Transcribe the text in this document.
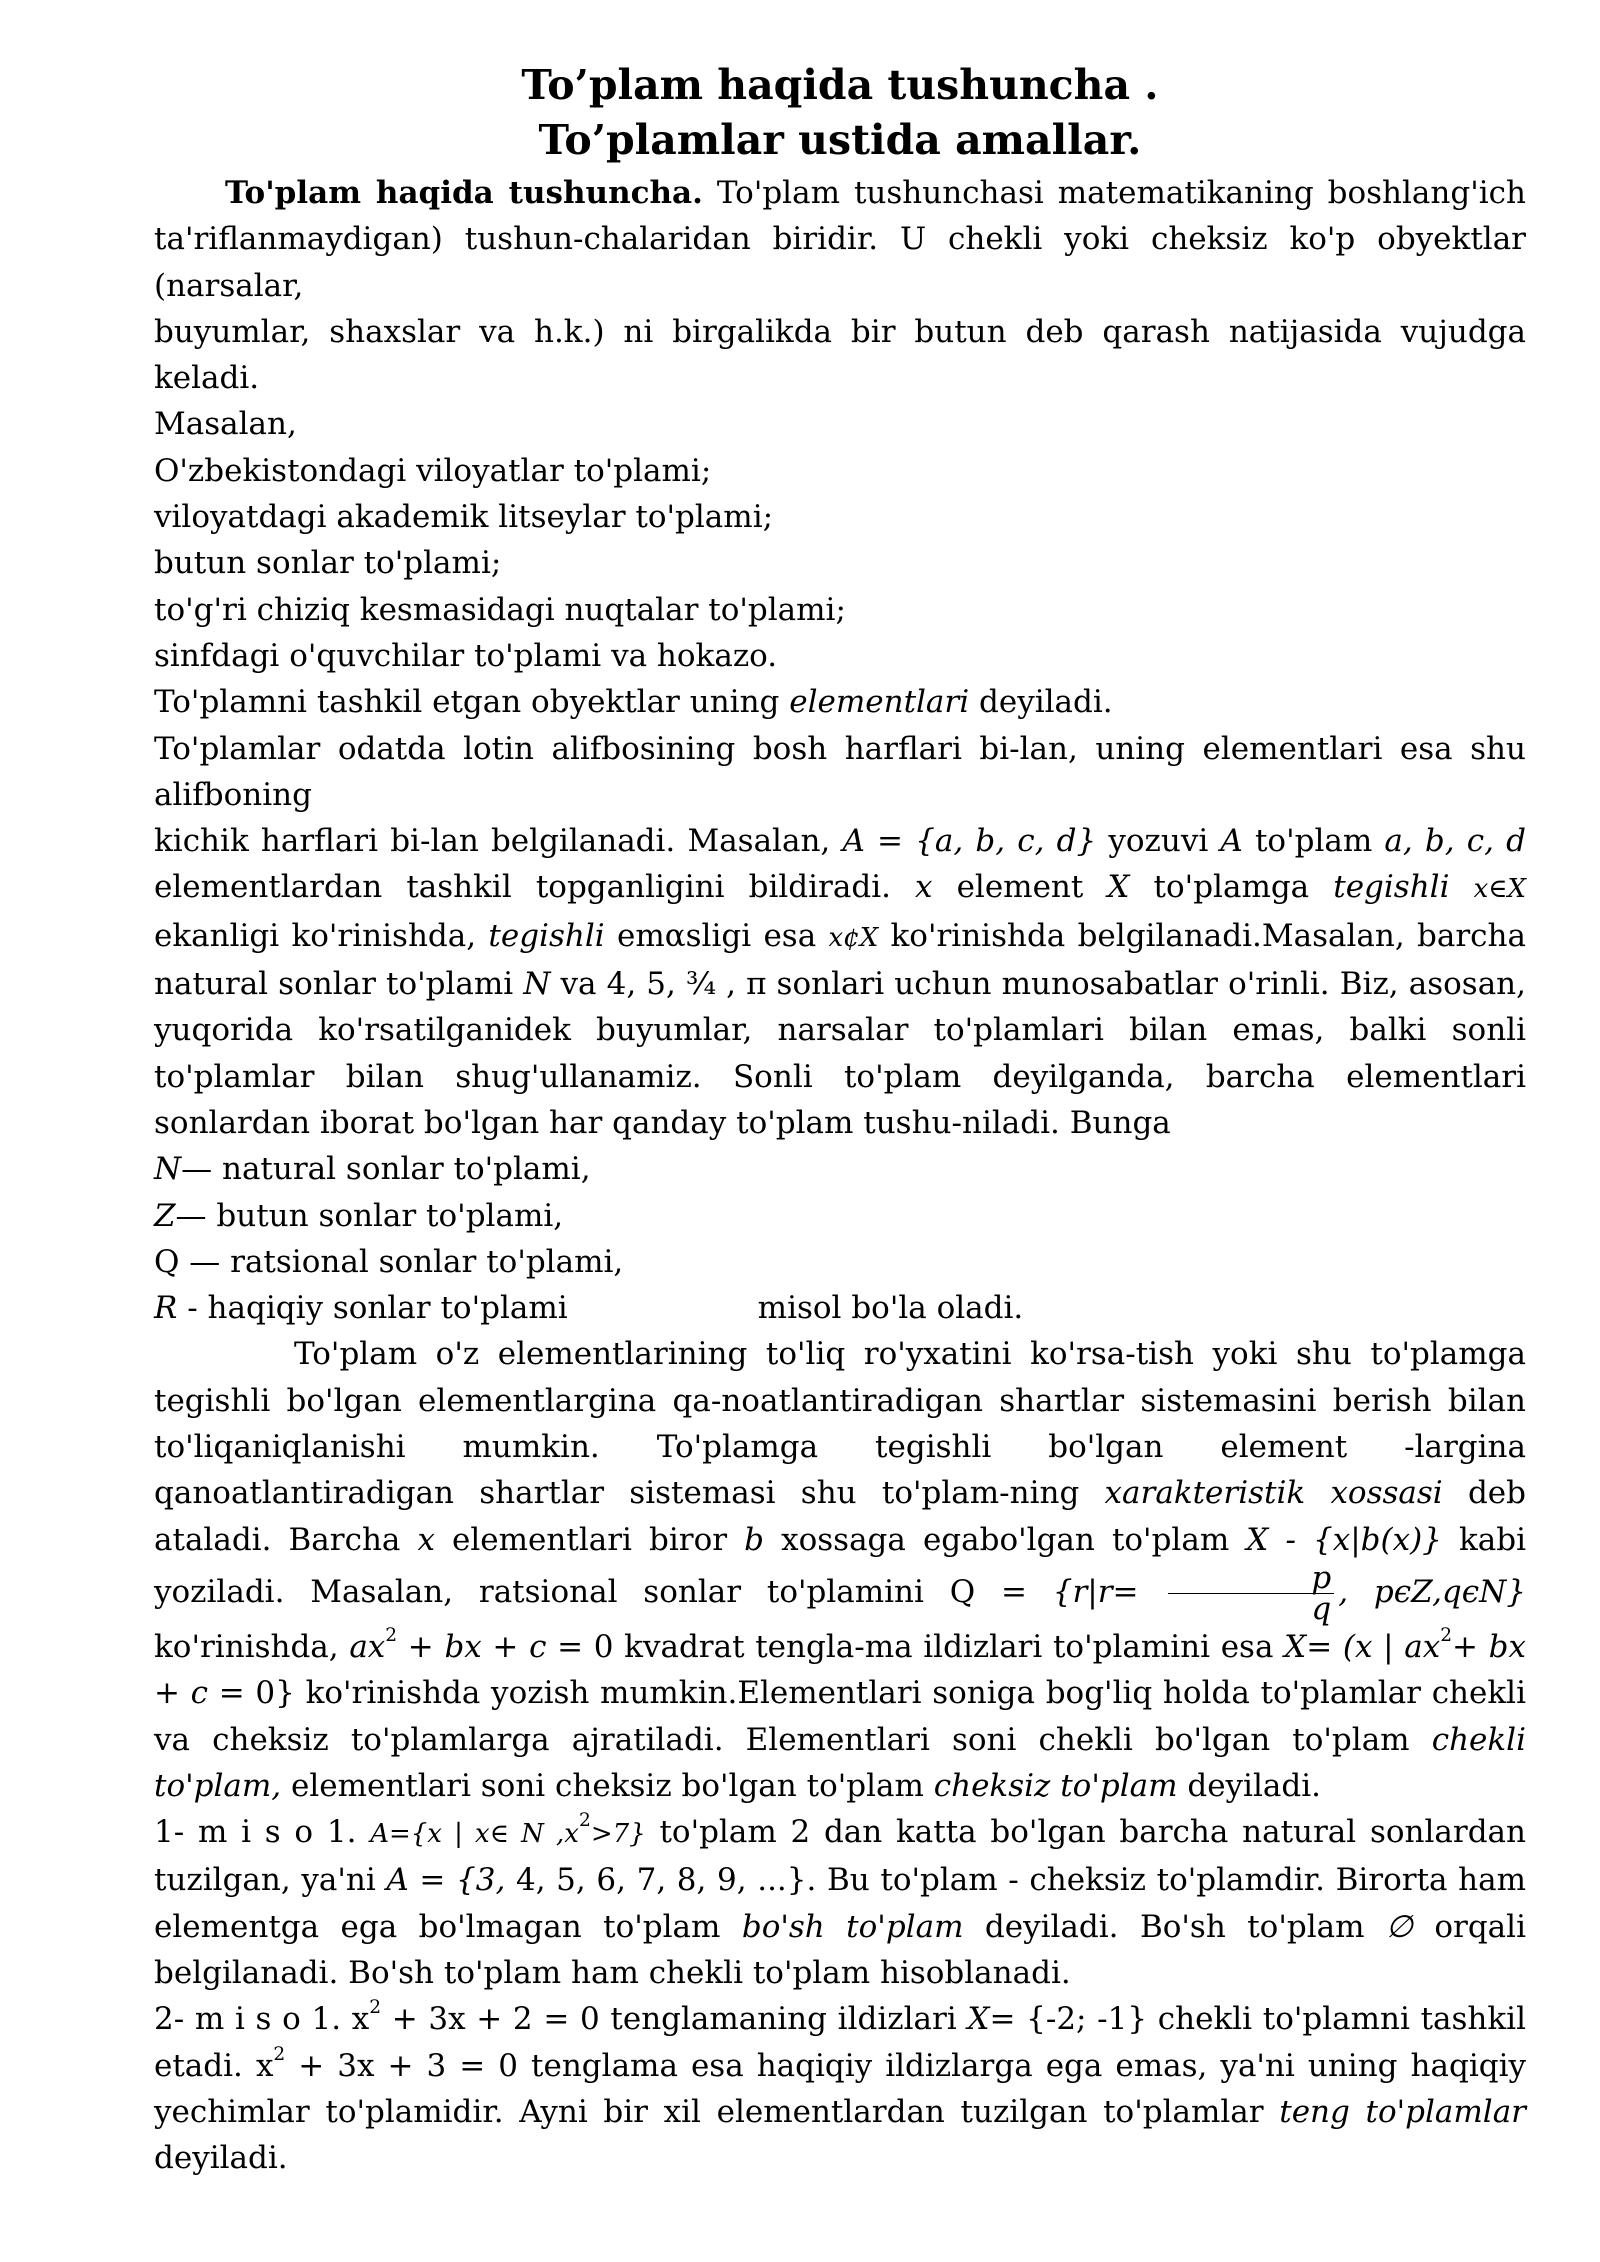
To’plam haqida tushuncha .
To’plamlar ustida amallar.

To'plam haqida tushuncha. To'plam tushunchasi matematikaning boshlang'ich ta'riflanmaydigan) tushun-chalaridan biridir. U chekli yoki cheksiz ko'p obyektlar (narsalar,

buyumlar, shaxslar va h.k.) ni birgalikda bir butun deb qarash natijasida vujudga keladi.

Masalan,

O'zbekistondagi viloyatlar to'plami;

viloyatdagi akademik litseylar to'plami;

butun sonlar to'plami;

to'g'ri chiziq kesmasidagi nuqtalar to'plami;

sinfdagi o'quvchilar to'plami va hokazo.

To'plamni tashkil etgan obyektlar uning elementlari deyiladi.

To'plamlar odatda lotin alifbosining bosh harflari bi-lan, uning elementlari esa shu alifboning

kichik harflari bi-lan belgilanadi. Masalan, A = {a, b, c, d} yozuvi A to'plam a, b, c, d elementlardan tashkil topganligini bildiradi. x element X to'plamga tegishli x∈X ekanligi ko'rinishda, tegishli emαsligi esa x¢X ko'rinishda belgilanadi.Masalan, barcha natural sonlar to'plami N va 4, 5, ¾ , π sonlari uchun munosabatlar o'rinli. Biz, asosan, yuqorida ko'rsatilganidek buyumlar, narsalar to'plamlari bilan emas, balki sonli to'plamlar bilan shug'ullanamiz. Sonli to'plam deyilganda, barcha elementlari sonlardan iborat bo'lgan har qanday to'plam tushu-niladi. Bunga

N— natural sonlar to'plami,

Z— butun sonlar to'plami,

Q — ratsional sonlar to'plami,

R - haqiqiy sonlar to'plami	misol bo'la oladi.

To'plam o'z elementlarining to'liq ro'yxatini ko'rsa-tish yoki shu to'plamga tegishli bo'lgan elementlargina qa-noatlantiradigan shartlar sistemasini berish bilan to'liqaniqlanishi mumkin. To'plamga tegishli bo'lgan element -largina qanoatlantiradigan shartlar sistemasi shu to'plam-ning xarakteristik xossasi deb ataladi. Barcha x elementlari biror b xossaga egabo'lgan to'plam X - {x|b(x)} kabi yoziladi. Masalan, ratsional sonlar to'plamini $Q = \{r|r= \frac{p}{q}$ , pϵZ,qϵN} ko'rinishda, $ax^2$ + bx + c = 0 kvadrat tengla-ma ildizlari to'plamini esa X= (x | $ax^2+$ bx + c = 0} ko'rinishda yozish mumkin.Elementlari soniga bog'liq holda to'plamlar chekli va cheksiz to'plamlarga ajratiladi. Elementlari soni chekli bo'lgan to'plam chekli to'plam, elementlari soni cheksiz bo'lgan to'plam cheksiz to'plam deyiladi.

1- m i s o 1. A={x | x∈ N $,x^2>7$} to'plam 2 dan katta bo'lgan barcha natural sonlardan tuzilgan, ya'ni A = {3, 4, 5, 6, 7, 8, 9, ...}. Bu to'plam - cheksiz to'plamdir. Birorta ham elementga ega bo'lmagan to'plam bo'sh to'plam deyiladi. Bo'sh to'plam ∅ orqali belgilanadi. Bo'sh to'plam ham chekli to'plam hisoblanadi.

2- m i s o 1. $x^2 + 3x + 2 = 0$ tenglamaning ildizlari X= {-2; -1} chekli to'plamni tashkil etadi. $x^2 + 3x + 3 = 0$ tenglama esa haqiqiy ildizlarga ega emas, ya'ni uning haqiqiy yechimlar to'plamidir. Ayni bir xil elementlardan tuzilgan to'plamlar teng to'plamlar deyiladi.
